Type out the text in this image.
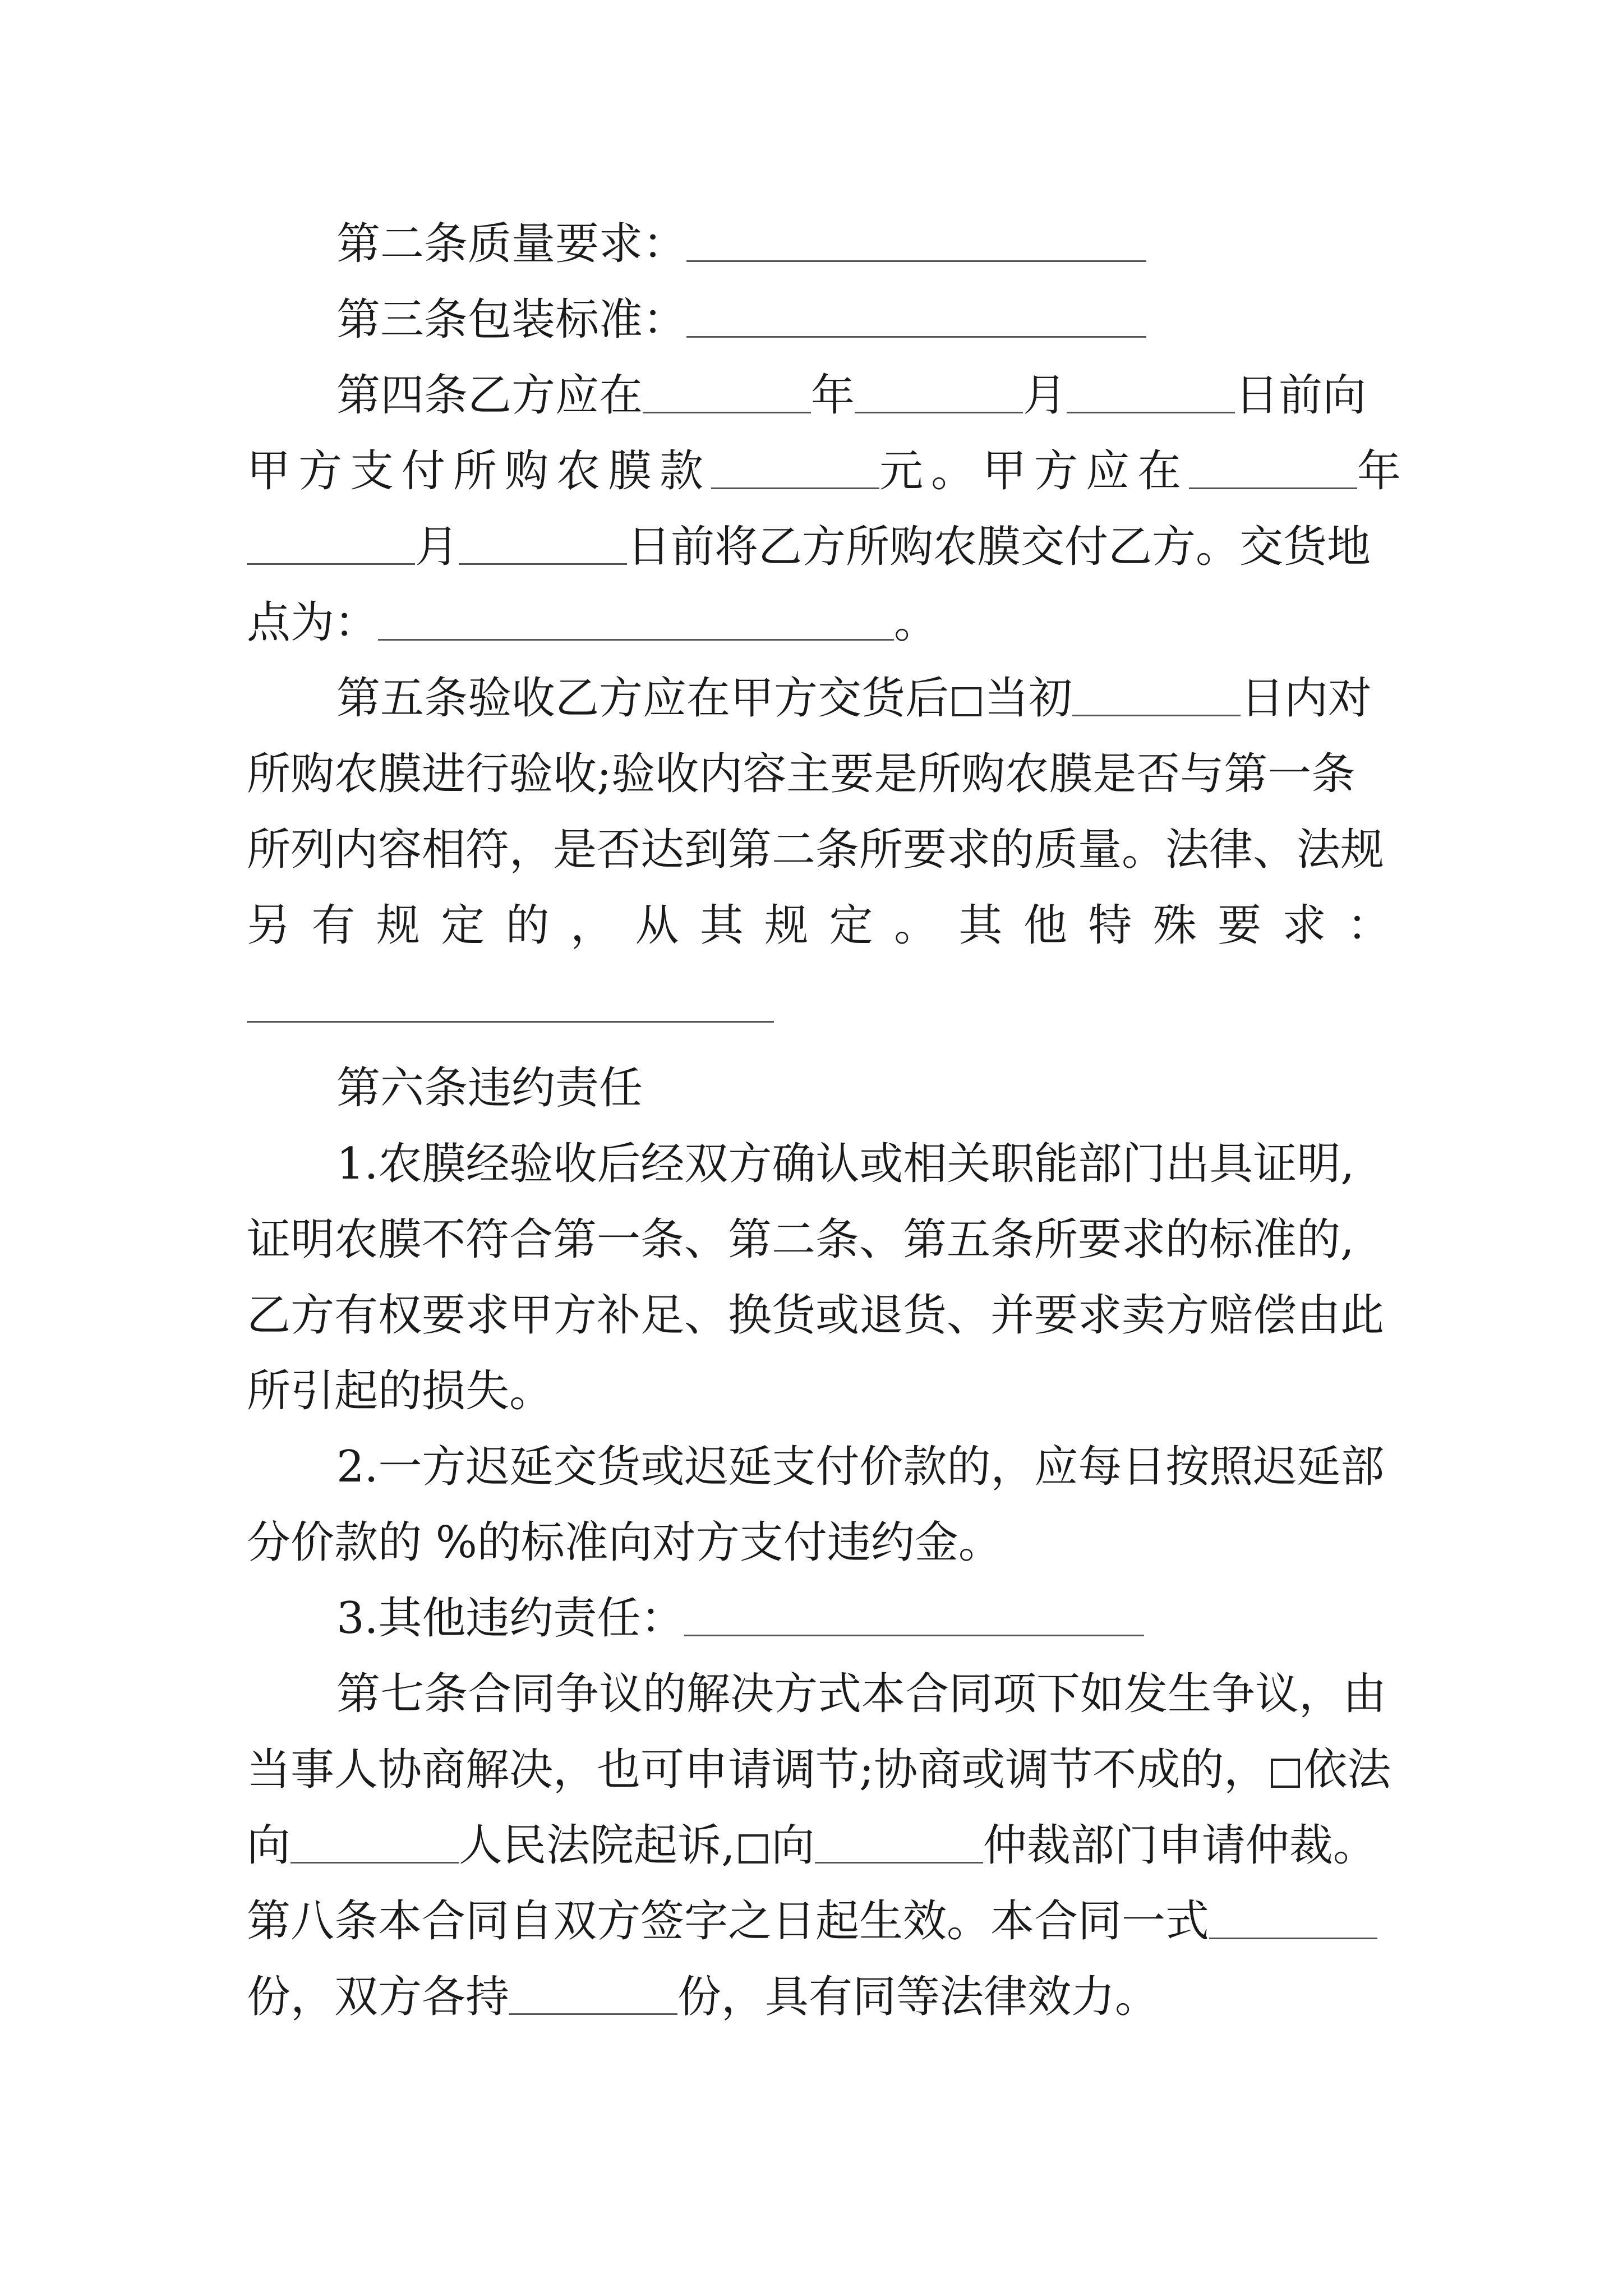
第二条质量要求：
第三条包装标准：
第四条乙方应在	年	月	日前向
甲方支付所购农膜款	元。甲方应在	年
月	日前将乙方所购农膜交付乙方。交货地
点为：	。
第五条验收乙方应在甲方交货后 当初	日内对
所购农膜进行验收;验收内容主要是所购农膜是否与第一条
所列内容相符，是否达到第二条所要求的质量。法律、法规
另 有 规 定 的 ， 从 其 规 定 。 其 他 特 殊 要 求 ：
第六条违约责任
1.农膜经验收后经双方确认或相关职能部门出具证明,
证明农膜不符合第一条、第二条、第五条所要求的标准的,
乙方有权要求甲方补足、换货或退货、并要求卖方赔偿由此
所引起的损失。
2.一方迟延交货或迟延支付价款的，应每日按照迟延部
分价款的 %的标准向对方支付违约金。
3.其他违约责任：
第七条合同争议的解决方式本合同项下如发生争议，由
当事人协商解决，也可申请调节;协商或调节不成的， 依法
向	人民法院起诉, 向	仲裁部门申请仲裁。
第八条本合同自双方签字之日起生效。本合同一式
份，双方各持	份，具有同等法律效力。
